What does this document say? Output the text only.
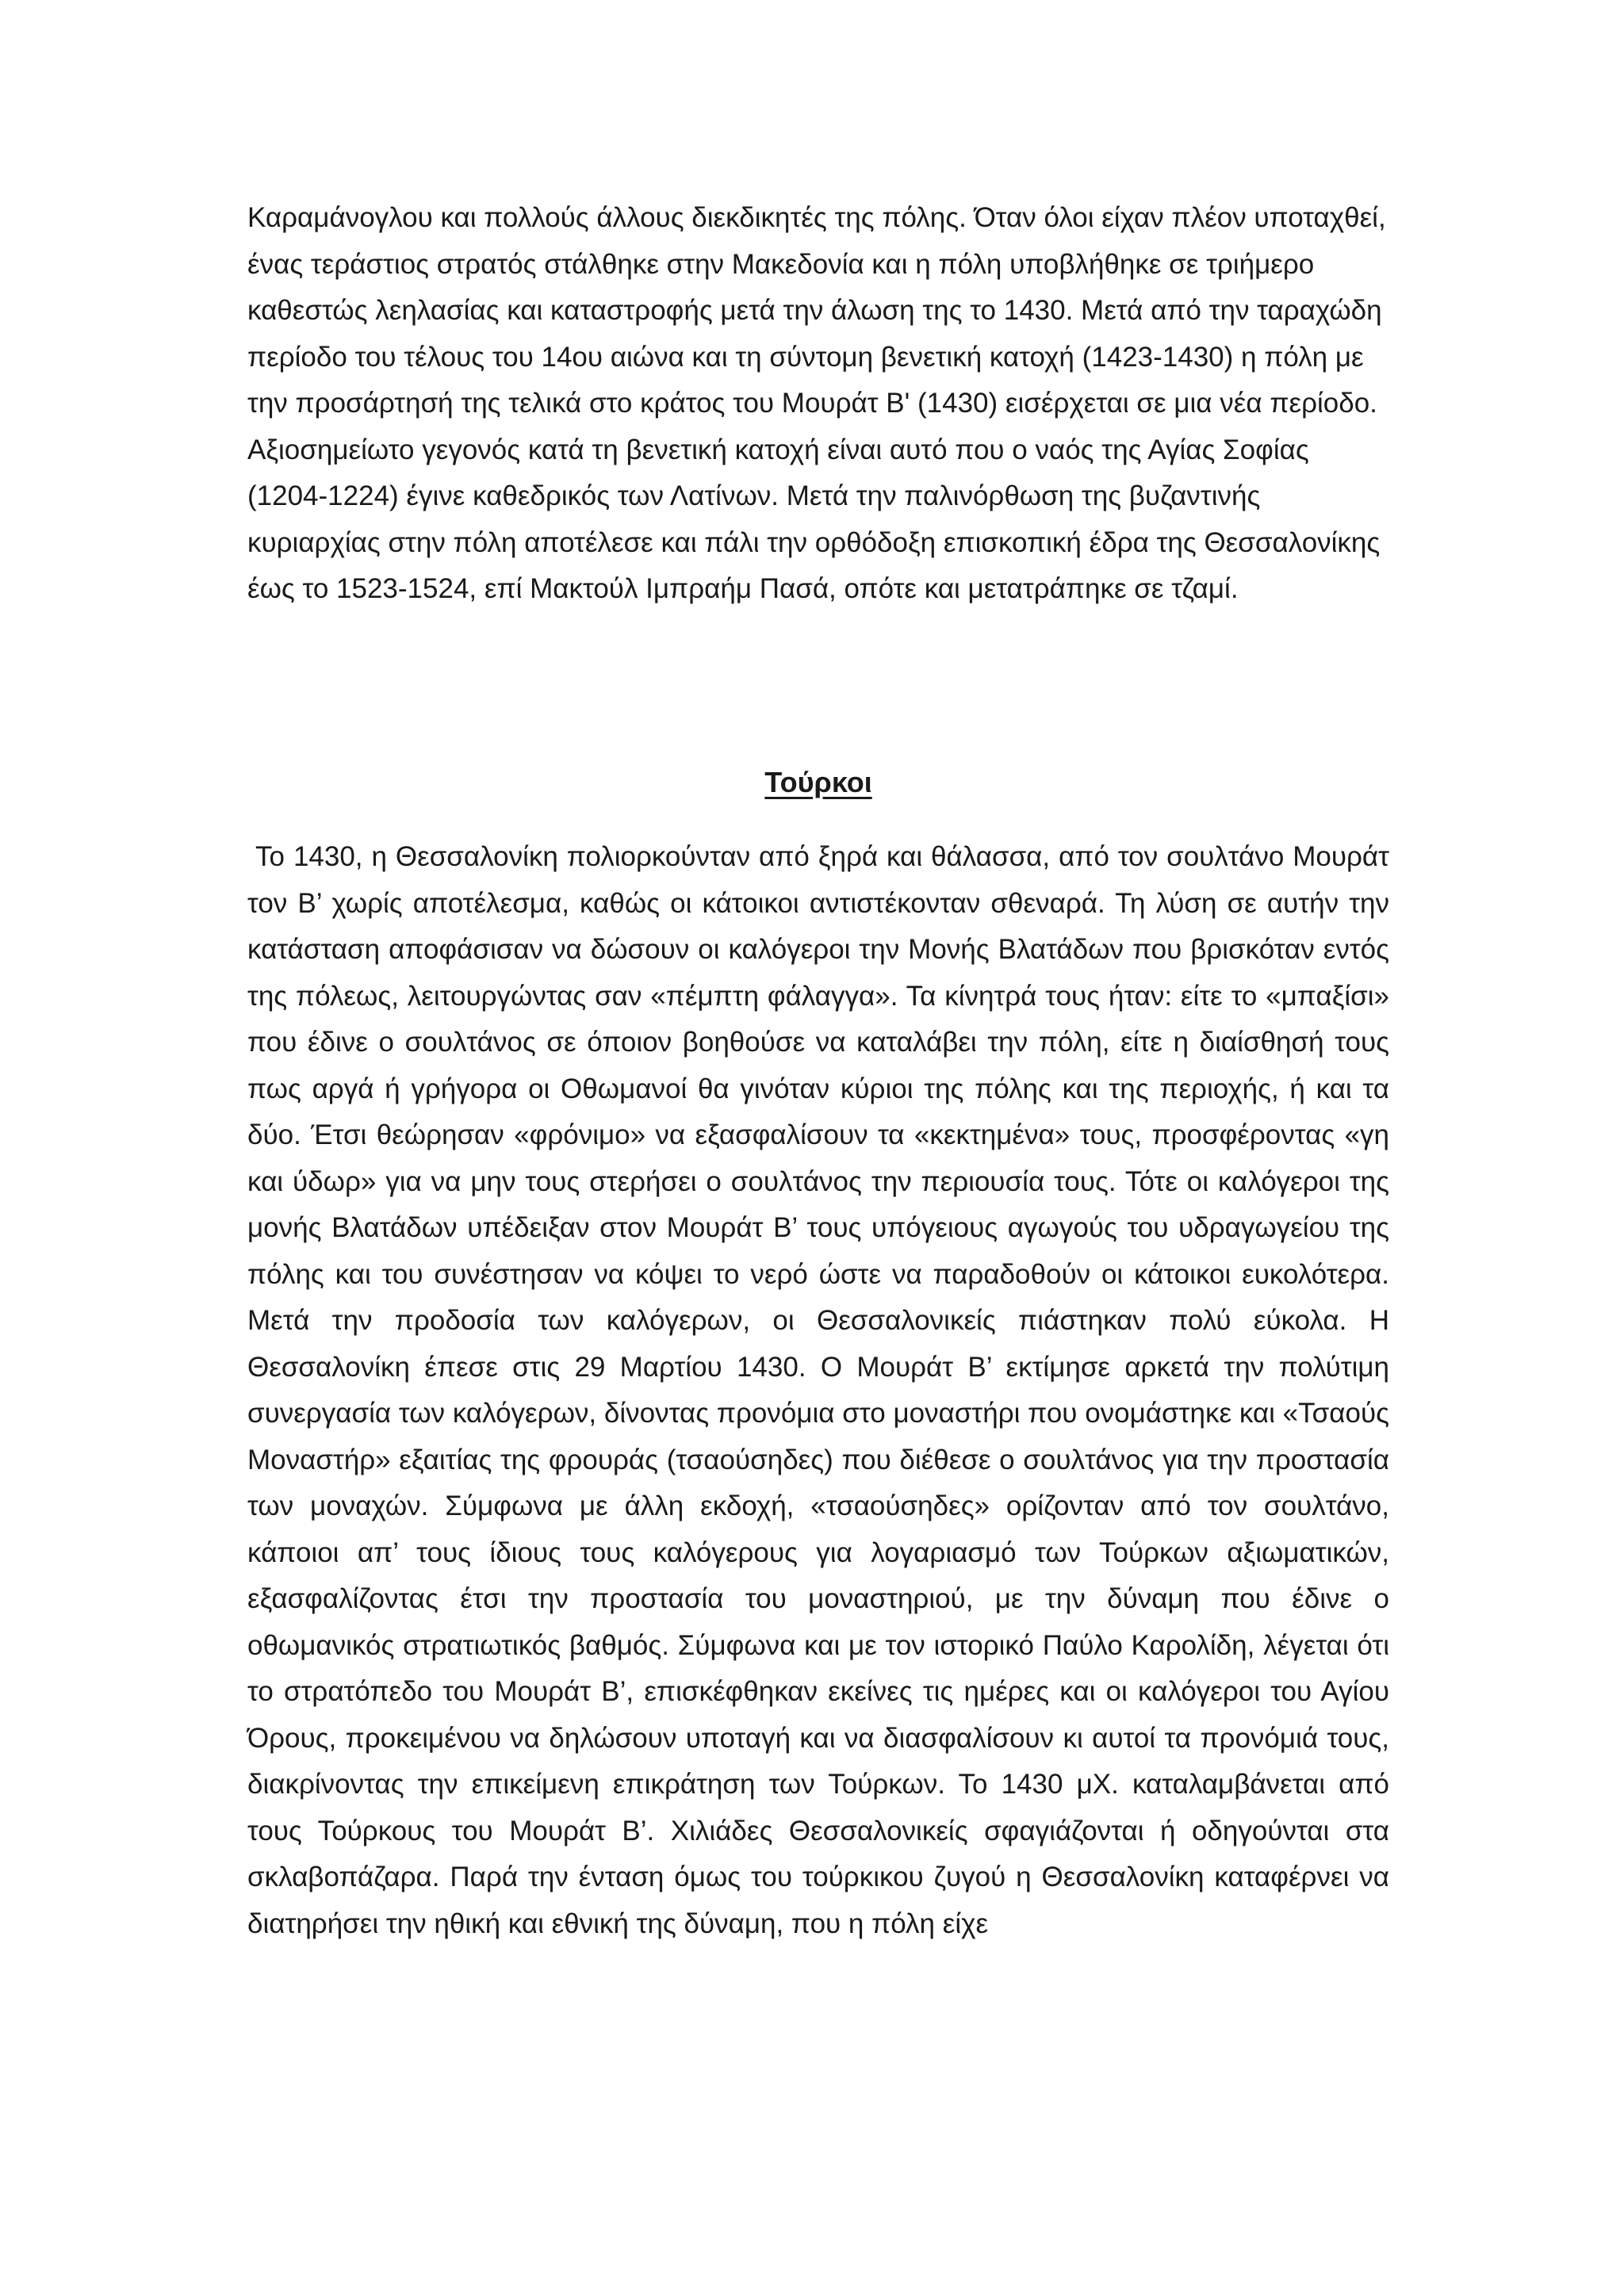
Καραμάνογλου και πολλούς άλλους διεκδικητές της πόλης. Όταν όλοι είχαν πλέον υποταχθεί, ένας τεράστιος στρατός στάλθηκε στην Μακεδονία και η πόλη υποβλήθηκε σε τριήμερο καθεστώς λεηλασίας και καταστροφής μετά την άλωση της το 1430. Μετά από την ταραχώδη περίοδο του τέλους του 14ου αιώνα και τη σύντομη βενετική κατοχή (1423-1430) η πόλη με την προσάρτησή της τελικά στο κράτος του Μουράτ Β' (1430) εισέρχεται σε μια νέα περίοδο. Αξιοσημείωτο γεγονός κατά τη βενετική κατοχή είναι αυτό που ο ναός της Αγίας Σοφίας (1204-1224) έγινε καθεδρικός των Λατίνων. Μετά την παλινόρθωση της βυζαντινής κυριαρχίας στην πόλη αποτέλεσε και πάλι την ορθόδοξη επισκοπική έδρα της Θεσσαλονίκης έως το 1523-1524, επί Μακτούλ Ιμπραήμ Πασά, οπότε και μετατράπηκε σε τζαμί.

Τούρκοι

Το 1430, η Θεσσαλονίκη πολιορκούνταν από ξηρά και θάλασσα, από τον σουλτάνο Μουράτ τον Β’ χωρίς αποτέλεσμα, καθώς οι κάτοικοι αντιστέκονταν σθεναρά. Τη λύση σε αυτήν την κατάσταση αποφάσισαν να δώσουν οι καλόγεροι την Μονής Βλατάδων που βρισκόταν εντός της πόλεως, λειτουργώντας σαν «πέμπτη φάλαγγα». Τα κίνητρά τους ήταν: είτε το «μπαξίσι» που έδινε ο σουλτάνος σε όποιον βοηθούσε να καταλάβει την πόλη, είτε η διαίσθησή τους πως αργά ή γρήγορα οι Οθωμανοί θα γινόταν κύριοι της πόλης και της περιοχής, ή και τα δύο. Έτσι θεώρησαν «φρόνιμο» να εξασφαλίσουν τα «κεκτημένα» τους, προσφέροντας «γη και ύδωρ» για να μην τους στερήσει ο σουλτάνος την περιουσία τους. Τότε οι καλόγεροι της μονής Βλατάδων υπέδειξαν στον Μουράτ Β’ τους υπόγειους αγωγούς του υδραγωγείου της πόλης και του συνέστησαν να κόψει το νερό ώστε να παραδοθούν οι κάτοικοι ευκολότερα. Μετά την προδοσία των καλόγερων, οι Θεσσαλονικείς πιάστηκαν πολύ εύκολα. Η Θεσσαλονίκη έπεσε στις 29 Μαρτίου 1430. Ο Μουράτ Β’ εκτίμησε αρκετά την πολύτιμη συνεργασία των καλόγερων, δίνοντας προνόμια στο μοναστήρι που ονομάστηκε και «Τσαούς Μοναστήρ» εξαιτίας της φρουράς (τσαούσηδες) που διέθεσε ο σουλτάνος για την προστασία των μοναχών. Σύμφωνα με άλλη εκδοχή, «τσαούσηδες» ορίζονταν από τον σουλτάνο, κάποιοι απ’ τους ίδιους τους καλόγερους για λογαριασμό των Τούρκων αξιωματικών, εξασφαλίζοντας έτσι την προστασία του μοναστηριού, με την δύναμη που έδινε ο οθωμανικός στρατιωτικός βαθμός. Σύμφωνα και με τον ιστορικό Παύλο Καρολίδη, λέγεται ότι το στρατόπεδο του Μουράτ Β’, επισκέφθηκαν εκείνες τις ημέρες και οι καλόγεροι του Αγίου Όρους, προκειμένου να δηλώσουν υποταγή και να διασφαλίσουν κι αυτοί τα προνόμιά τους, διακρίνοντας την επικείμενη επικράτηση των Τούρκων. Το 1430 μΧ. καταλαμβάνεται από τους Τούρκους του Μουράτ Β’. Χιλιάδες Θεσσαλονικείς σφαγιάζονται ή οδηγούνται στα σκλαβοπάζαρα. Παρά την ένταση όμως του τούρκικου ζυγού η Θεσσαλονίκη καταφέρνει να διατηρήσει την ηθική και εθνική της δύναμη, που η πόλη είχε
